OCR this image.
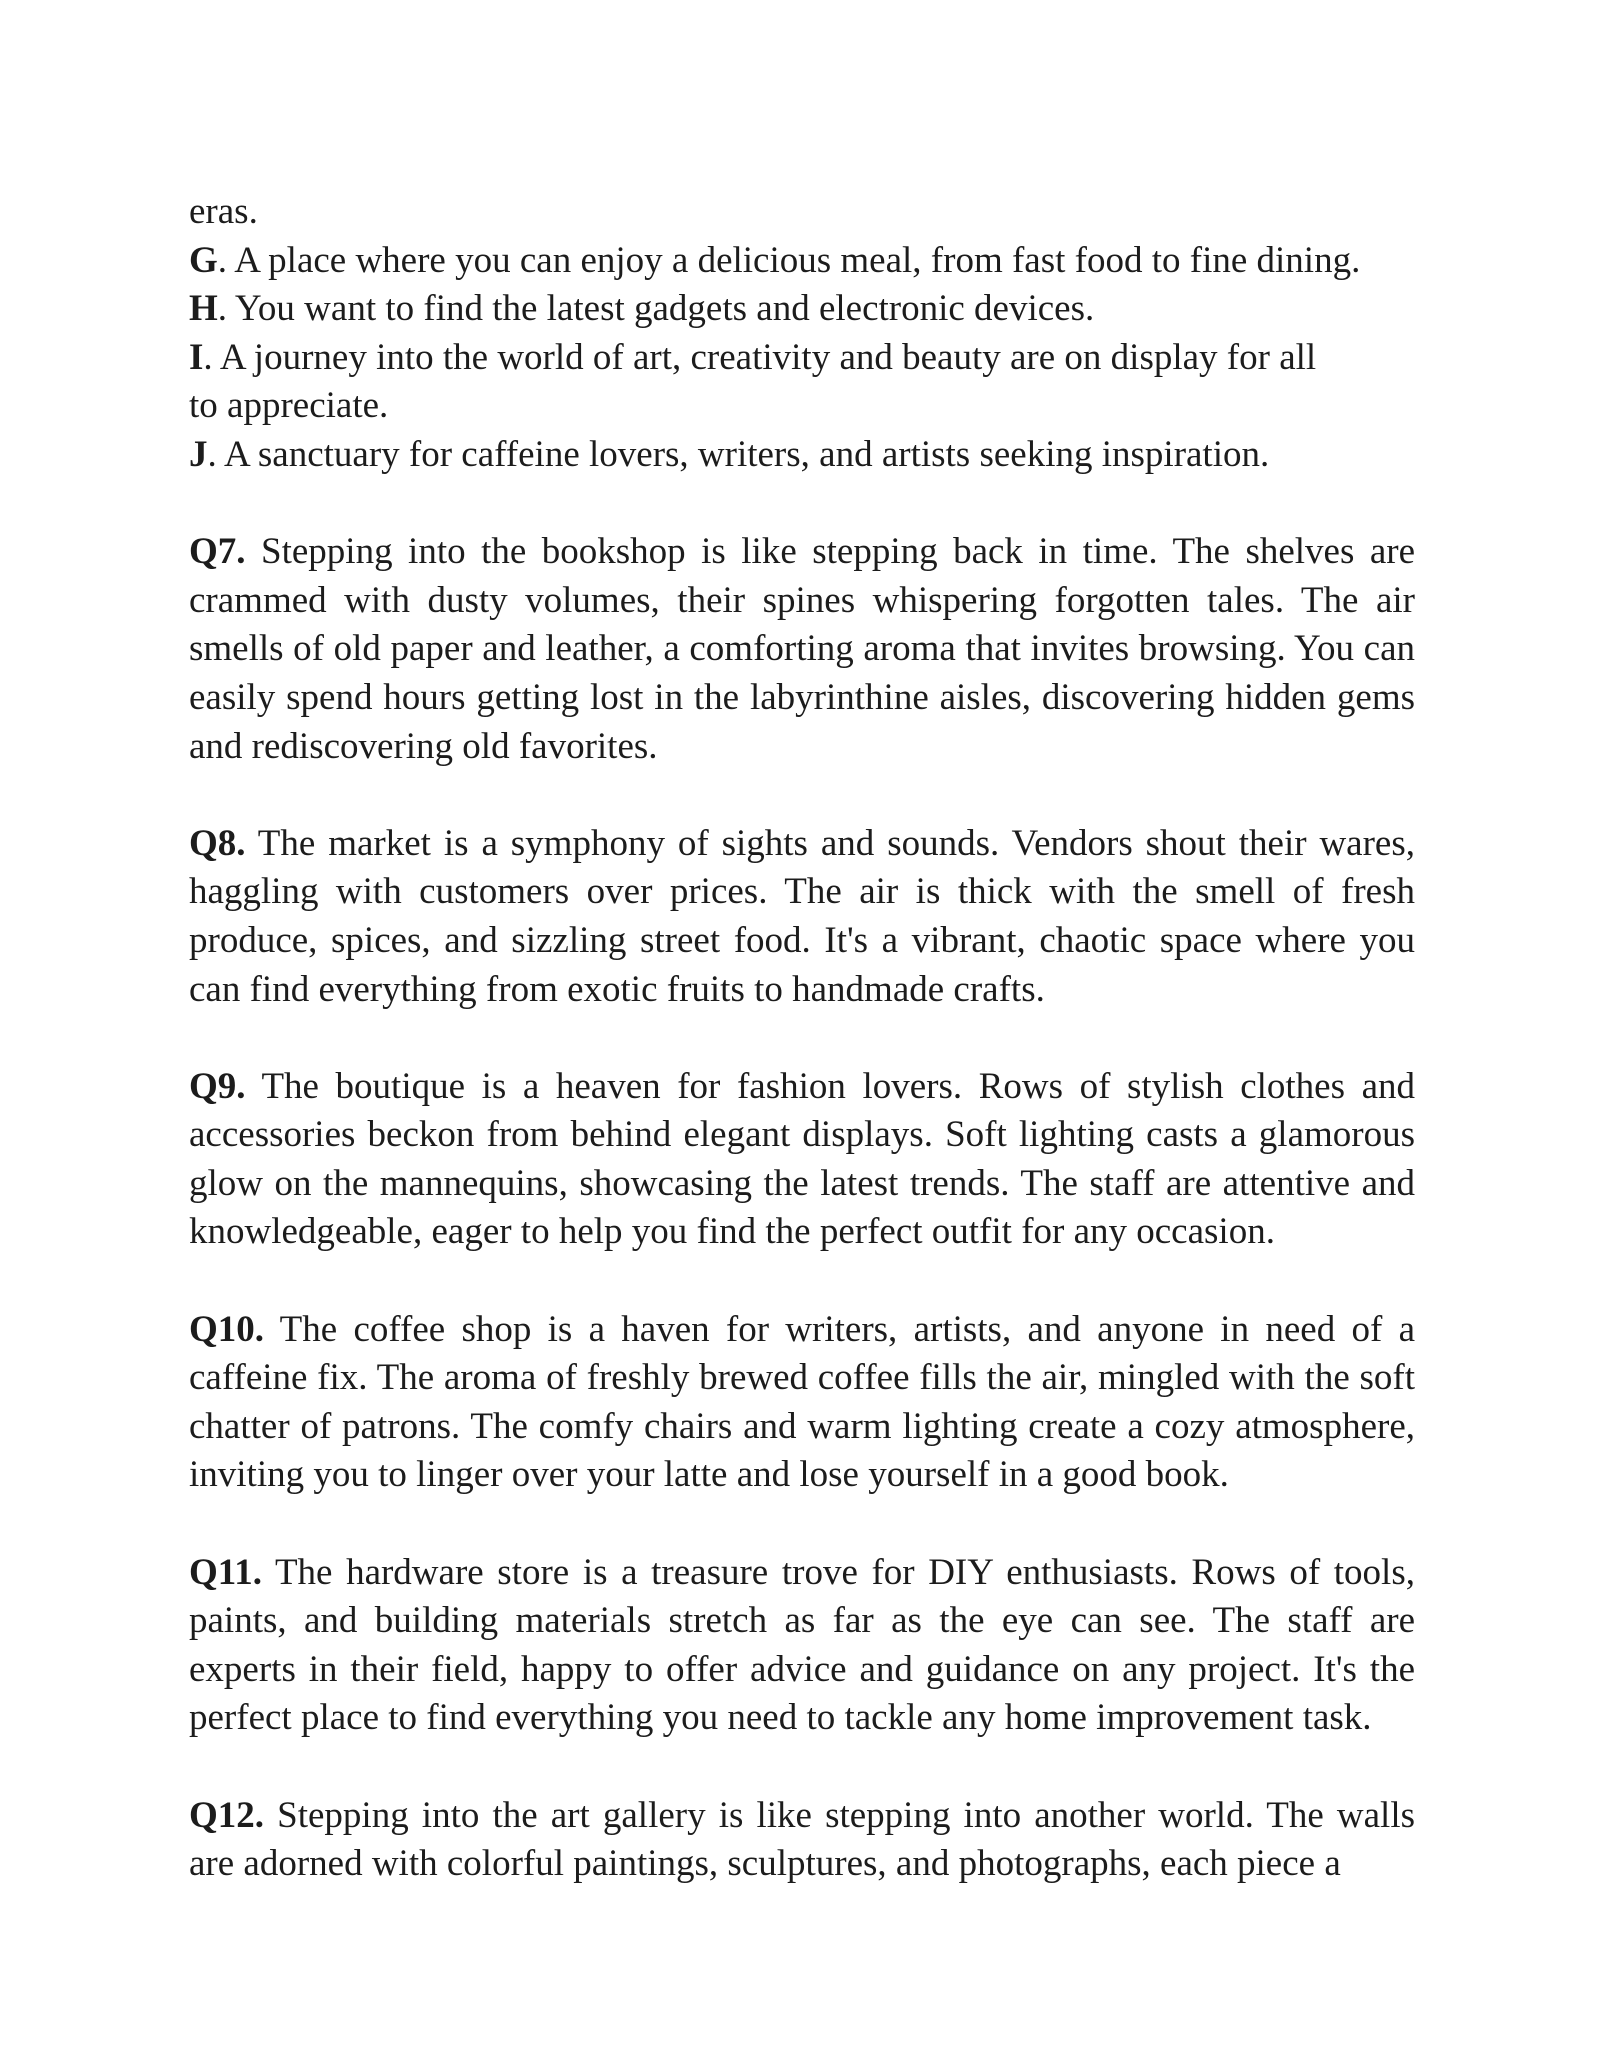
eras.
G. A place where you can enjoy a delicious meal, from fast food to fine dining.
H. You want to find the latest gadgets and electronic devices.
I. A journey into the world of art, creativity and beauty are on display for all
to appreciate.
J. A sanctuary for caffeine lovers, writers, and artists seeking inspiration.

Q7. Stepping into the bookshop is like stepping back in time. The shelves are crammed with dusty volumes, their spines whispering forgotten tales. The air smells of old paper and leather, a comforting aroma that invites browsing. You can easily spend hours getting lost in the labyrinthine aisles, discovering hidden gems and rediscovering old favorites.

Q8. The market is a symphony of sights and sounds. Vendors shout their wares, haggling with customers over prices. The air is thick with the smell of fresh produce, spices, and sizzling street food. It's a vibrant, chaotic space where you can find everything from exotic fruits to handmade crafts.

Q9. The boutique is a heaven for fashion lovers. Rows of stylish clothes and accessories beckon from behind elegant displays. Soft lighting casts a glamorous glow on the mannequins, showcasing the latest trends. The staff are attentive and knowledgeable, eager to help you find the perfect outfit for any occasion.

Q10. The coffee shop is a haven for writers, artists, and anyone in need of a caffeine fix. The aroma of freshly brewed coffee fills the air, mingled with the soft chatter of patrons. The comfy chairs and warm lighting create a cozy atmosphere, inviting you to linger over your latte and lose yourself in a good book.

Q11. The hardware store is a treasure trove for DIY enthusiasts. Rows of tools, paints, and building materials stretch as far as the eye can see. The staff are experts in their field, happy to offer advice and guidance on any project. It's the perfect place to find everything you need to tackle any home improvement task.

Q12. Stepping into the art gallery is like stepping into another world. The walls are adorned with colorful paintings, sculptures, and photographs, each piece a
